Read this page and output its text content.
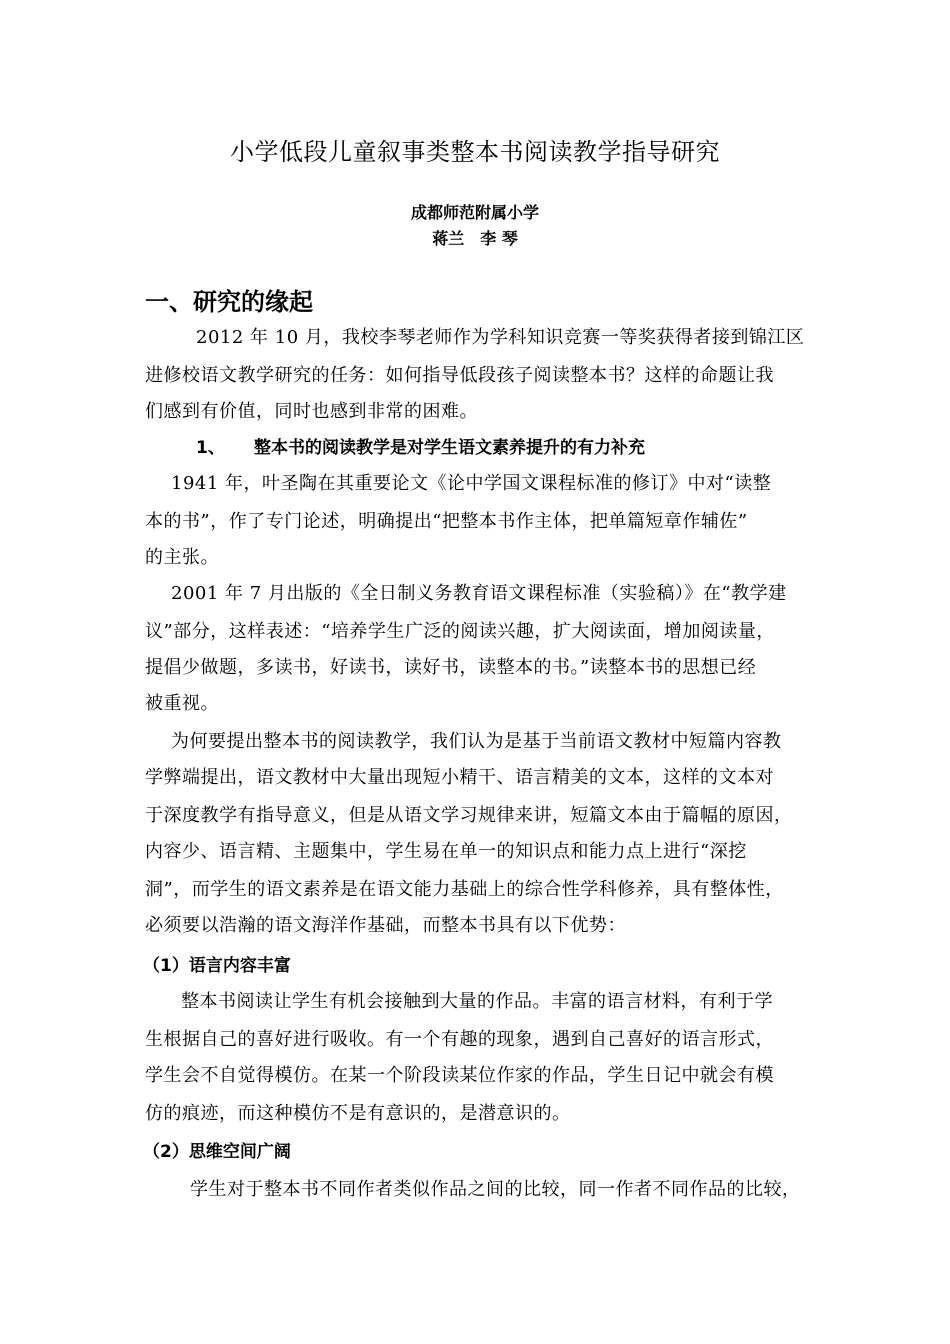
小学低段儿童叙事类整本书阅读教学指导研究
成都师范附属小学
蒋兰　李 琴
一、研究的缘起
2012 年 10 月，我校李琴老师作为学科知识竞赛一等奖获得者接到锦江区
进修校语文教学研究的任务：如何指导低段孩子阅读整本书？这样的命题让我
们感到有价值，同时也感到非常的困难。
1、 整本书的阅读教学是对学生语文素养提升的有力补充
1941 年，叶圣陶在其重要论文《论中学国文课程标准的修订》中对“读整
本的书”，作了专门论述，明确提出“把整本书作主体，把单篇短章作辅佐”
的主张。
2001 年 7 月出版的《全日制义务教育语文课程标准（实验稿）》在“教学建
议”部分，这样表述：“培养学生广泛的阅读兴趣，扩大阅读面，增加阅读量，
提倡少做题，多读书，好读书，读好书，读整本的书。”读整本书的思想已经
被重视。
为何要提出整本书的阅读教学，我们认为是基于当前语文教材中短篇内容教
学弊端提出，语文教材中大量出现短小精干、语言精美的文本，这样的文本对
于深度教学有指导意义，但是从语文学习规律来讲，短篇文本由于篇幅的原因，
内容少、语言精、主题集中，学生易在单一的知识点和能力点上进行“深挖
洞”，而学生的语文素养是在语文能力基础上的综合性学科修养，具有整体性，
必须要以浩瀚的语文海洋作基础，而整本书具有以下优势：
（1）语言内容丰富
整本书阅读让学生有机会接触到大量的作品。丰富的语言材料，有利于学
生根据自己的喜好进行吸收。有一个有趣的现象，遇到自己喜好的语言形式，
学生会不自觉得模仿。在某一个阶段读某位作家的作品，学生日记中就会有模
仿的痕迹，而这种模仿不是有意识的，是潜意识的。
（2）思维空间广阔
学生对于整本书不同作者类似作品之间的比较，同一作者不同作品的比较，
